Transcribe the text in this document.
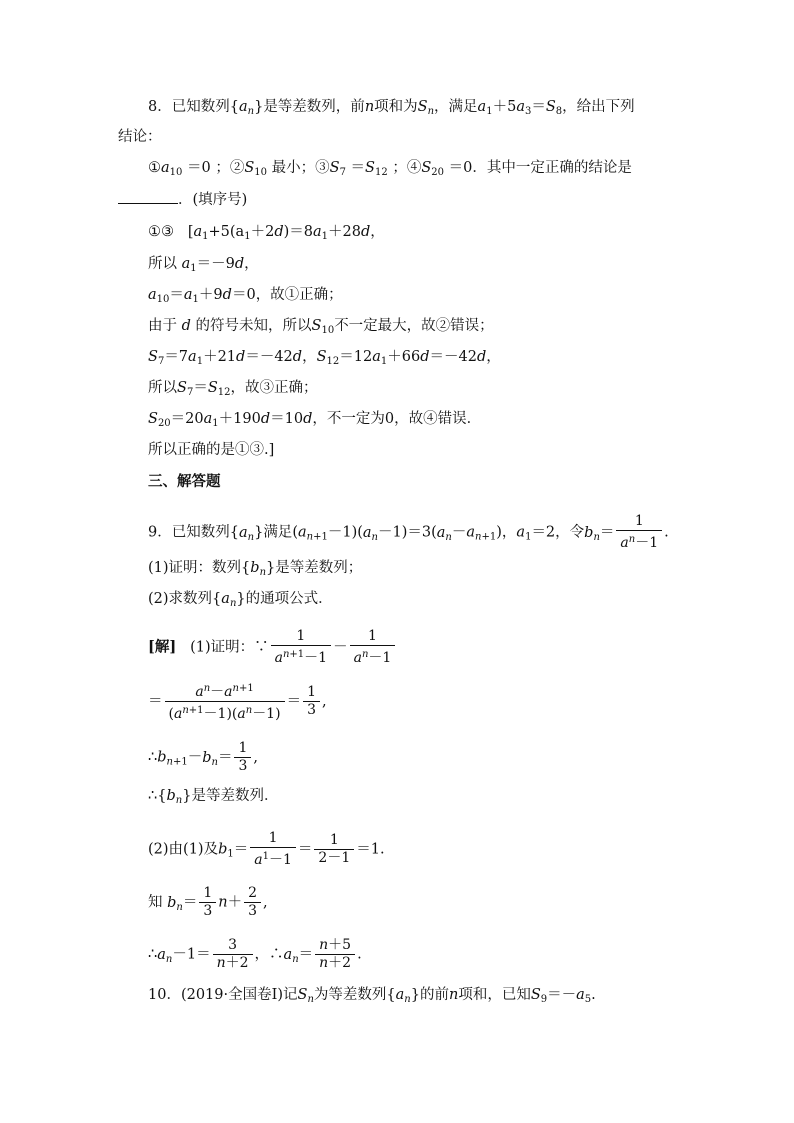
8．已知数列$\{a_n\}$是等差数列，前n项和为$S_n$，满足$a_1+5a_3=S_8$，给出下列
结论：
$①a_{10} =0$ ；$②S_{10}$ 最小；$③S_7 =S_{12}$ ；$④S_{20} =0$．其中一定正确的结论是
．(填序号)
①③   [$a_1+5(a_1+2d)=8a_1+28d$，
所以 $a_1=-9d$，
$a_{10}=a_1+9d=0$，故①正确；
由于 d 的符号未知，所以$S_{10}$不一定最大，故②错误；
$S_7=7a_1+21d=-42d$，$S_{12}=12a_1+66d=-42d$，
所以$S_7=S_{12}$，故③正确；
$S_{20}=20a_1+190d=10d$，不一定为0，故④错误．
所以正确的是①③.]
三、解答题
9．已知数列$\{a_n\}$满足$(a_{n+1}-1)(a_n-1)=3(a_n-a_{n+1})$，$a_1=2$，令$b_n= \frac{1}{a^n-1}$ .
(1)证明：数列$\{b_n\}$是等差数列；
(2)求数列$\{a_n\}$的通项公式．
[解] (1)证明：∵ $\frac{1}{a^{n+1}-1} - \frac{1}{a^n-1}$
＝ $\frac{a^n-a^{n+1}}{(a^{n+1}-1)(a^n-1)} = \frac{1}{3}$ ,
$\therefore b_{n+1}-b_n= \frac{1}{3}$ ,
$\therefore\{b_n\}$是等差数列．
(2)由(1)及$b_1= \frac{1}{a^1-1} = \frac{1}{2-1} =1$.
知 $b_n= \frac{1}{3} n+ \frac{2}{3}$ ,
$\therefore a_n-1= \frac{3}{n+2}$ ，$\therefore a_n= \frac{n+5}{n+2}$ .
10．(2019·全国卷Ⅰ)记$S_n$为等差数列$\{a_n\}$的前n项和，已知$S_9=-a_5$.
